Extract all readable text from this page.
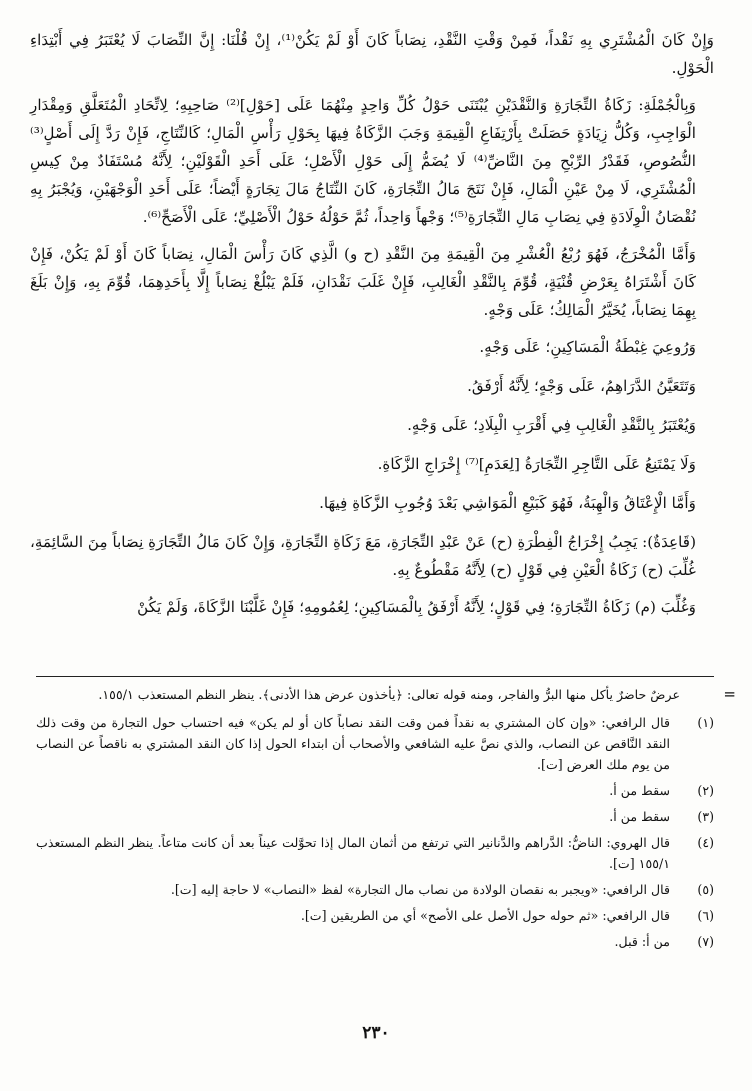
وَإِنْ كَانَ الْمُشْتَرِي بِهِ نَقْداً، فَمِنْ وَقْتِ النَّقْدِ، نِصَاباً كَانَ أَوْ لَمْ يَكُنْ⁽¹⁾، إِنْ قُلْنَا: إِنَّ النِّصَابَ لَا يُعْتَبَرُ فِي أَبْتِدَاءِ الْحَوْلِ.

وَبِالْجُمْلَةِ: زَكَاةُ التِّجَارَةِ وَالنَّقْدَيْنِ يُبْتَنَى حَوْلُ كُلِّ وَاحِدٍ مِنْهُمَا عَلَى [حَوْلِ]⁽²⁾ صَاحِبِهِ؛ لِاتِّحَادِ الْمُتَعَلَّقِ وَمِقْدَارِ الْوَاجِبِ، وَكُلُّ زِيَادَةٍ حَصَلَتْ بِأَرْتِفَاعِ الْقِيمَةِ وَجَبَ الزَّكَاةُ فِيهَا بِحَوْلِ رَأْسِ الْمَالِ؛ كَالنِّتَاجِ، فَإِنْ رَدَّ إِلَى أَصْلٍ⁽³⁾ النُّصُوصِ، فَقَدْرُ الرِّبْحِ مِنَ النَّاضِّ⁽⁴⁾ لَا يُضَمُّ إِلَى حَوْلِ الْأَصْلِ؛ عَلَى أَحَدِ الْقَوْلَيْنِ؛ لِأَنَّهُ مُسْتَفَادٌ مِنْ كِيسِ الْمُشْتَرِي، لَا مِنْ عَيْنِ الْمَالِ، فَإِنْ نَتَجَ مَالُ التِّجَارَةِ، كَانَ النِّتَاجُ مَالَ تِجَارَةٍ أَيْضاً؛ عَلَى أَحَدِ الْوَجْهَيْنِ، وَيُجْبَرُ بِهِ نُقْصَانُ الْوِلَادَةِ فِي نِصَابِ مَالِ التِّجَارَةِ⁽⁵⁾؛ وَجْهاً وَاحِداً، ثُمَّ حَوْلُهُ حَوْلُ الْأَصْلِيِّ؛ عَلَى الْأَصَحِّ⁽⁶⁾.

وَأَمَّا الْمُخْرَجُ، فَهُوَ رُبْعُ الْعُشْرِ مِنَ الْقِيمَةِ مِنَ النَّقْدِ (ح و) الَّذِي كَانَ رَأْسَ الْمَالِ، نِصَاباً كَانَ أَوْ لَمْ يَكُنْ، فَإِنْ كَانَ أَشْتَرَاهُ بِعَرْضِ قُنْيَةٍ، قُوِّمَ بِالنَّقْدِ الْغَالِبِ، فَإِنْ غَلَبَ نَقْدَانِ، فَلَمْ يَبْلُغْ نِصَاباً إِلَّا بِأَحَدِهِمَا، قُوِّمَ بِهِ، وَإِنْ بَلَغَ بِهِمَا نِصَاباً، يُخَيَّرُ الْمَالِكُ؛ عَلَى وَجْهٍ.

وَرُوعِيَ غِبْطَةُ الْمَسَاكِينِ؛ عَلَى وَجْهٍ.

وَتَتَعَيَّنُ الدَّرَاهِمُ، عَلَى وَجْهٍ؛ لِأَنَّهُ أَرْفَقُ.

وَيُعْتَبَرُ بِالنَّقْدِ الْغَالِبِ فِي أَقْرَبِ الْبِلَادِ؛ عَلَى وَجْهٍ.

وَلَا يَمْتَنِعُ عَلَى التَّاجِرِ التِّجَارَةُ [لِعَدَمِ]⁽⁷⁾ إِخْرَاجِ الزَّكَاةِ.

وَأَمَّا الْإِعْتَاقُ وَالْهِبَةُ، فَهُوَ كَبَيْعِ الْمَوَاشِي بَعْدَ وُجُوبِ الزَّكَاةِ فِيهَا.

(قَاعِدَةٌ): يَجِبُ إِخْرَاجُ الْفِطْرَةِ (ح) عَنْ عَبْدِ التِّجَارَةِ، مَعَ زَكَاةِ التِّجَارَةِ، وَإِنْ كَانَ مَالُ التِّجَارَةِ نِصَاباً مِنَ السَّائِمَةِ، غُلِّبَ (ح) زَكَاةُ الْعَيْنِ فِي قَوْلٍ (ح) لِأَنَّهُ مَقْطُوعٌ بِهِ.

وَغُلِّبَ (م) زَكَاةُ التِّجَارَةِ؛ فِي قَوْلٍ؛ لِأَنَّهُ أَرْفَقُ بِالْمَسَاكِينِ؛ لِعُمُومِهِ؛ فَإِنْ غَلَّبْنَا الزَّكَاةَ، وَلَمْ يَكُنْ

=
عرضٌ حاضرٌ يأكل منها البرُّ والفاجر، ومنه قوله تعالى: ﴿يأخذون عرض هذا الأدنى﴾. ينظر النظم المستعذب ١٥٥/١.
(١)
قال الرافعي: «وإن كان المشتري به نقداً فمن وقت النقد نصاباً كان أو لم يكن» فيه احتساب حول التجارة من وقت ذلك النقد النَّاقص عن النصاب، والذي نصَّ عليه الشافعي والأصحاب أن ابتداء الحول إذا كان النقد المشتري به ناقصاً عن النصاب من يوم ملك العرض [ت].
(٢)
سقط من أ.
(٣)
سقط من أ.
(٤)
قال الهروي: الناضُّ: الدَّراهم والدَّنانير التي ترتفع من أثمان المال إذا تحوَّلت عيناً بعد أن كانت متاعاً. ينظر النظم المستعذب ١٥٥/١ [ت].
(٥)
قال الرافعي: «ويجبر به نقصان الولادة من نصاب مال التجارة» لفظ «النصاب» لا حاجة إليه [ت].
(٦)
قال الرافعي: «ثم حوله حول الأصل على الأصح» أي من الطريقين [ت].
(٧)
من أ: قبل.
٢٣٠
